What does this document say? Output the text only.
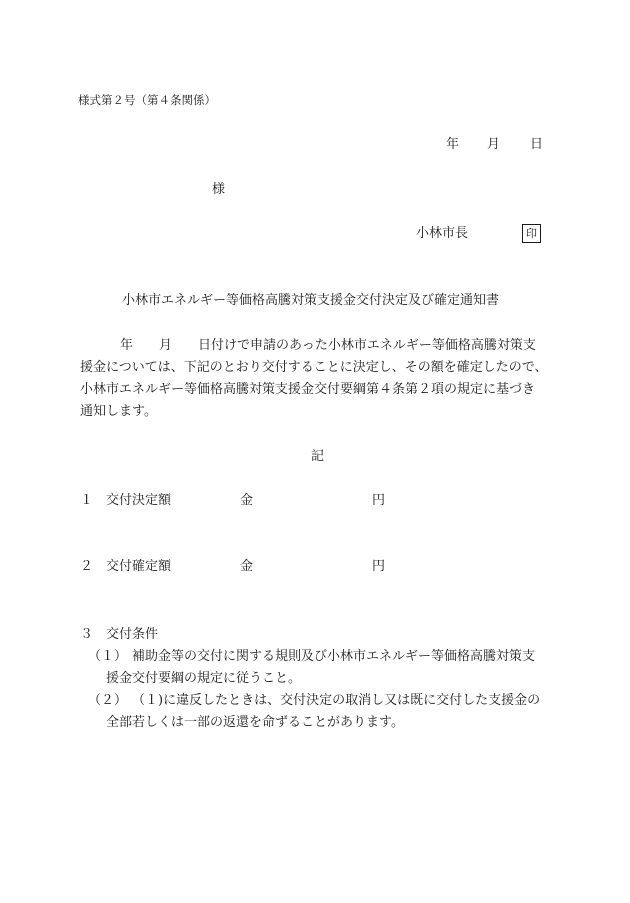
様式第２号（第４条関係）
年 月 日
様
小林市長	印
小林市エネルギー等価格高騰対策支援金交付決定及び確定通知書
年　　月　　日付けで申請のあった小林市エネルギー等価格高騰対策支
援金については、下記のとおり交付することに決定し、その額を確定したので、
小林市エネルギー等価格高騰対策支援金交付要綱第４条第２項の規定に基づき
通知します。
記
１ 交付決定額	金	円
２ 交付確定額	金	円
３ 交付条件
（１） 補助金等の交付に関する規則及び小林市エネルギー等価格高騰対策支
援金交付要綱の規定に従うこと。
（２） （１)に違反したときは、交付決定の取消し又は既に交付した支援金の
全部若しくは一部の返還を命ずることがあります。
